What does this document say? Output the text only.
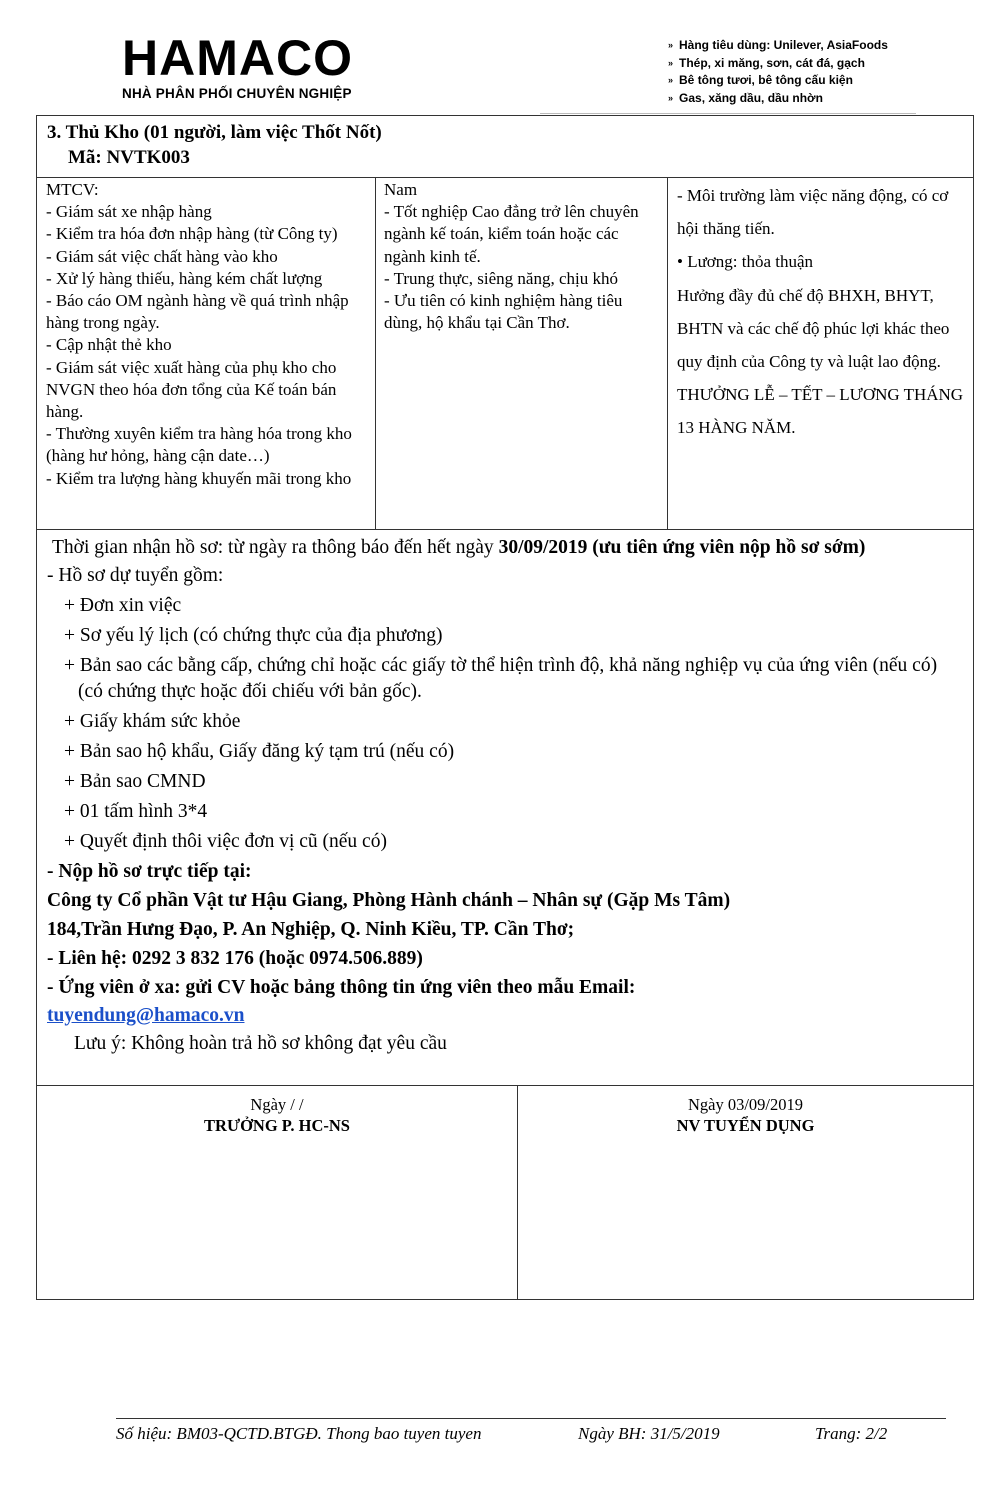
HAMACO
NHÀ PHÂN PHỐI CHUYÊN NGHIỆP
» Hàng tiêu dùng: Unilever, AsiaFoods
» Thép, xi măng, sơn, cát đá, gạch
» Bê tông tươi, bê tông cấu kiện
» Gas, xăng dầu, dầu nhờn
3. Thủ Kho (01 người, làm việc Thốt Nốt)
Mã: NVTK003

MTCV:

- Giám sát xe nhập hàng

- Kiểm tra hóa đơn nhập hàng (từ Công ty)

- Giám sát việc chất hàng vào kho

- Xử lý hàng thiếu, hàng kém chất lượng

- Báo cáo OM ngành hàng về quá trình nhập hàng trong ngày.

- Cập nhật thẻ kho

- Giám sát việc xuất hàng của phụ kho cho NVGN theo hóa đơn tổng của Kế toán bán hàng.

- Thường xuyên kiểm tra hàng hóa trong kho (hàng hư hỏng, hàng cận date…)

- Kiểm tra lượng hàng khuyến mãi trong kho

Nam

- Tốt nghiệp Cao đẳng trở lên chuyên ngành kế toán, kiểm toán hoặc các ngành kinh tế.

- Trung thực, siêng năng, chịu khó

- Ưu tiên có kinh nghiệm hàng tiêu dùng, hộ khẩu tại Cần Thơ.

- Môi trường làm việc năng động, có cơ hội thăng tiến.

• Lương: thỏa thuận

Hưởng đầy đủ chế độ BHXH, BHYT, BHTN và các chế độ phúc lợi khác theo quy định của Công ty và luật lao động. THƯỞNG LỄ – TẾT – LƯƠNG THÁNG 13 HÀNG NĂM.

Thời gian nhận hồ sơ: từ ngày ra thông báo đến hết ngày 30/09/2019 (ưu tiên ứng viên nộp hồ sơ sớm)

- Hồ sơ dự tuyển gồm:

+ Đơn xin việc
+ Sơ yếu lý lịch (có chứng thực của địa phương)
+ Bản sao các bằng cấp, chứng chỉ hoặc các giấy tờ thể hiện trình độ, khả năng nghiệp vụ của ứng viên (nếu có) (có chứng thực hoặc đối chiếu với bản gốc).
+ Giấy khám sức khỏe
+ Bản sao hộ khẩu, Giấy đăng ký tạm trú (nếu có)
+ Bản sao CMND
+ 01 tấm hình 3*4
+ Quyết định thôi việc đơn vị cũ (nếu có)

- Nộp hồ sơ trực tiếp tại:

Công ty Cổ phần Vật tư Hậu Giang, Phòng Hành chánh – Nhân sự (Gặp Ms Tâm)

184,Trần Hưng Đạo, P. An Nghiệp, Q. Ninh Kiều, TP. Cần Thơ;

- Liên hệ: 0292 3 832 176 (hoặc 0974.506.889)

- Ứng viên ở xa: gửi CV hoặc bảng thông tin ứng viên theo mẫu Email:

tuyendung@hamaco.vn

Lưu ý: Không hoàn trả hồ sơ không đạt yêu cầu

Ngày / /
TRƯỞNG P. HC-NS
Ngày 03/09/2019
NV TUYỂN DỤNG
Số hiệu: BM03-QCTD.BTGĐ. Thong bao tuyen tuyen	Ngày BH: 31/5/2019	Trang: 2/2
